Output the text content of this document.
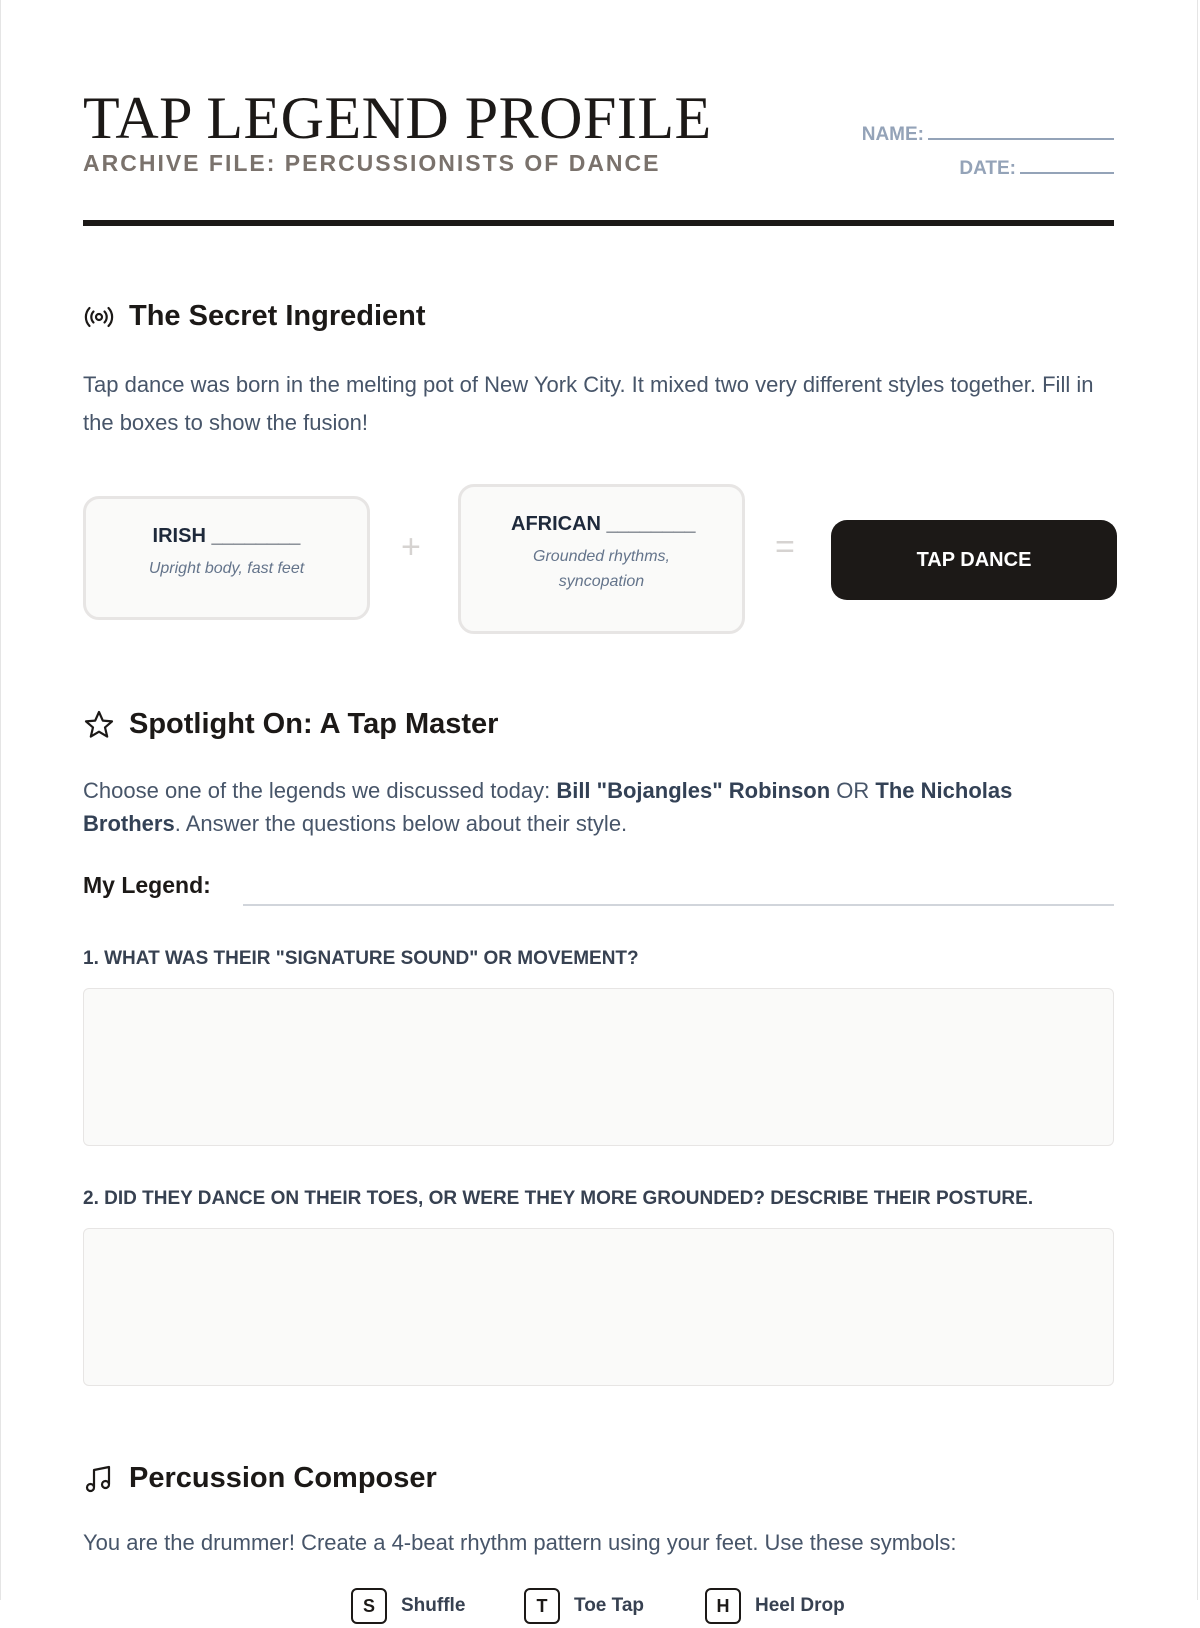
TAP LEGEND PROFILE
ARCHIVE FILE: PERCUSSIONISTS OF DANCE
NAME:
DATE:
The Secret Ingredient
Tap dance was born in the melting pot of New York City. It mixed two very different styles together. Fill in the boxes to show the fusion!
IRISH ________
Upright body, fast feet
+
AFRICAN ________
Grounded rhythms, syncopation
=	TAP DANCE
Spotlight On: A Tap Master
Choose one of the legends we discussed today: Bill "Bojangles" Robinson OR The Nicholas Brothers. Answer the questions below about their style.
My Legend:
1. WHAT WAS THEIR "SIGNATURE SOUND" OR MOVEMENT?
2. DID THEY DANCE ON THEIR TOES, OR WERE THEY MORE GROUNDED? DESCRIBE THEIR POSTURE.
Percussion Composer
You are the drummer! Create a 4-beat rhythm pattern using your feet. Use these symbols:
S	Shuffle	T	Toe Tap	H	Heel Drop
